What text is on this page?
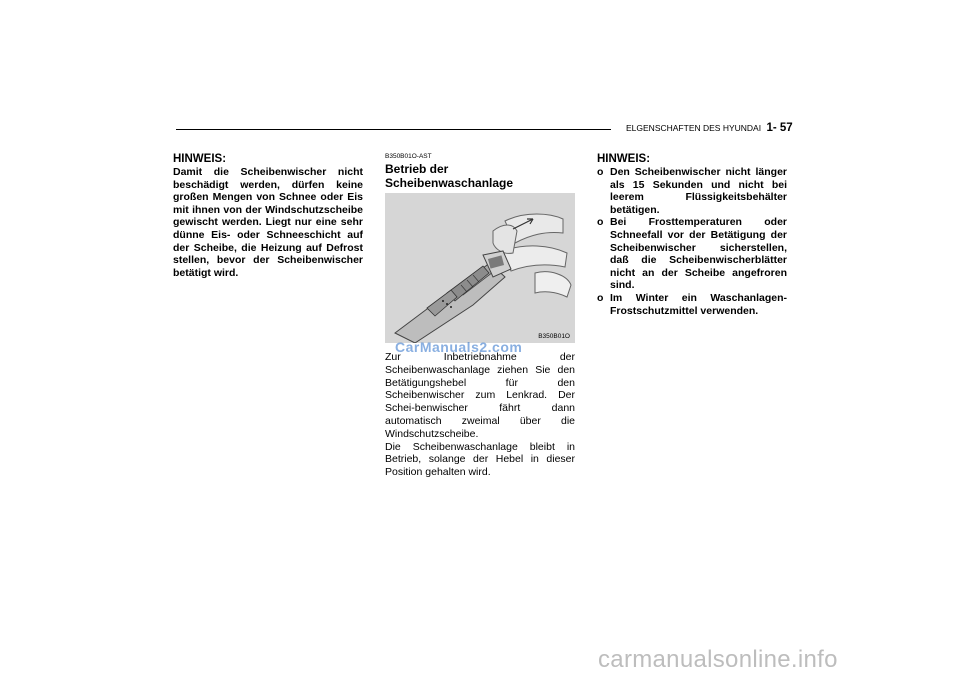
ELGENSCHAFTEN DES HYUNDAI 1- 57
HINWEIS:
Damit die Scheibenwischer nicht beschädigt werden, dürfen keine großen Mengen von Schnee oder Eis mit ihnen von der Windschutzscheibe gewischt werden. Liegt nur eine sehr dünne Eis- oder Schneeschicht auf der Scheibe, die Heizung auf Defrost stellen, bevor der Scheibenwischer betätigt wird.
B350B01O-AST
Betrieb der
Scheibenwaschanlage
B350B01O
CarManuals2.com

Zur Inbetriebnahme der Scheibenwaschanlage ziehen Sie den Betätigungshebel für den Scheibenwischer zum Lenkrad. Der Schei-benwischer fährt dann automatisch zweimal über die Windschutzscheibe.

Die Scheibenwaschanlage bleibt in Betrieb, solange der Hebel in dieser Position gehalten wird.

HINWEIS:
o Den Scheibenwischer nicht länger als 15 Sekunden und nicht bei leerem Flüssigkeitsbehälter betätigen.
o Bei Frosttemperaturen oder Schneefall vor der Betätigung der Scheibenwischer sicherstellen, daß die Scheibenwischerblätter nicht an der Scheibe angefroren sind.
o Im Winter ein Waschanlagen-Frostschutzmittel verwenden.
carmanualsonline.info
